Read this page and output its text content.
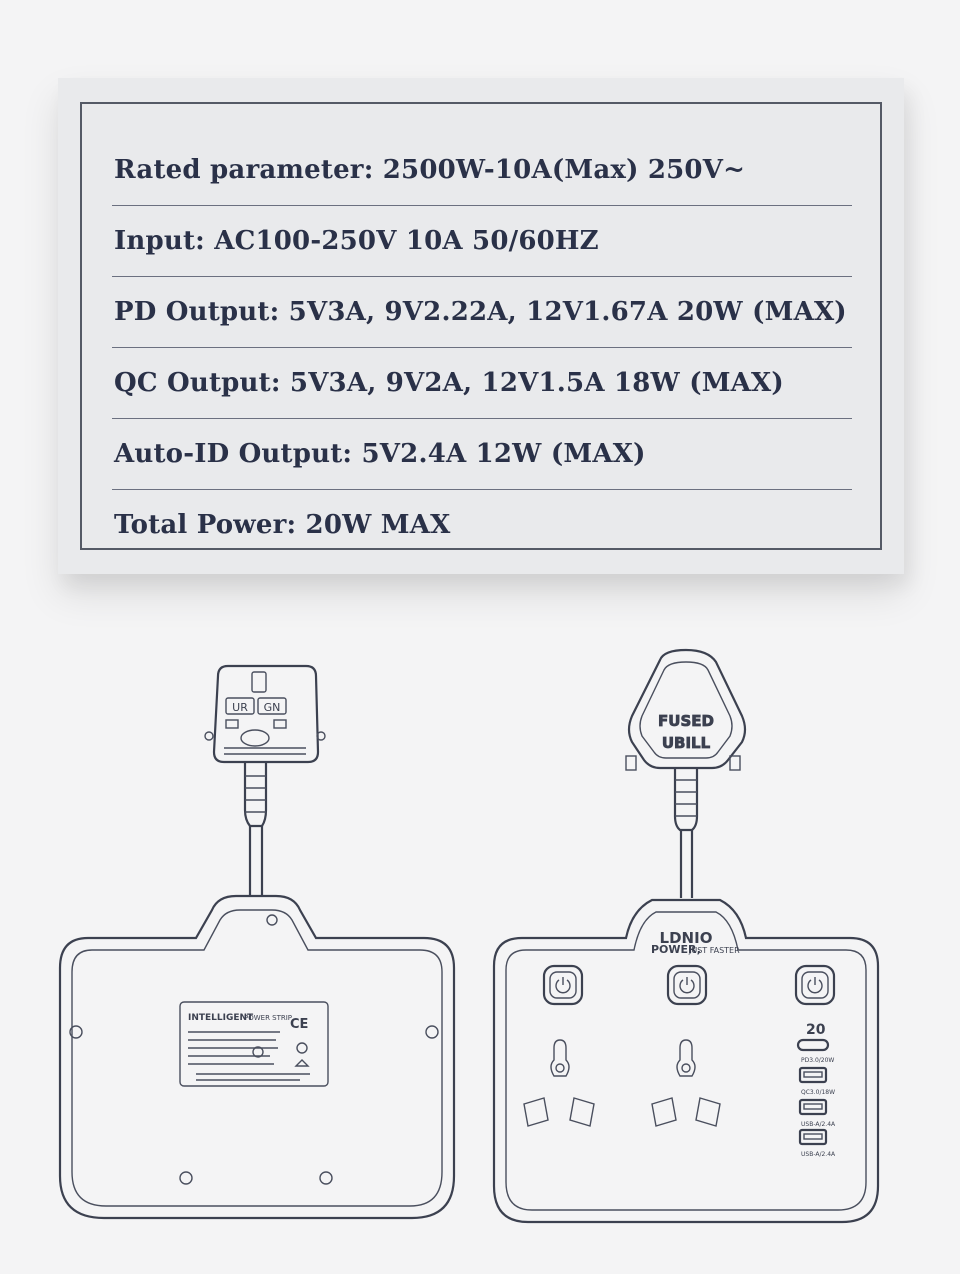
Rated parameter: 2500W-10A(Max) 250V~
Input: AC100-250V 10A 50/60HZ
PD Output: 5V3A, 9V2.22A, 12V1.67A 20W (MAX)
QC Output: 5V3A, 9V2A, 12V1.5A 18W (MAX)
Auto-ID Output: 5V2.4A 12W (MAX)
Total Power: 20W MAX
UR GN
INTELLIGENT
POWER STRIP
CE
FUSED
UBILL
LDNIO
POWER,
JUST FASTER
20
PD3.0/20W
QC3.0/18W
USB-A/2.4A
USB-A/2.4A
